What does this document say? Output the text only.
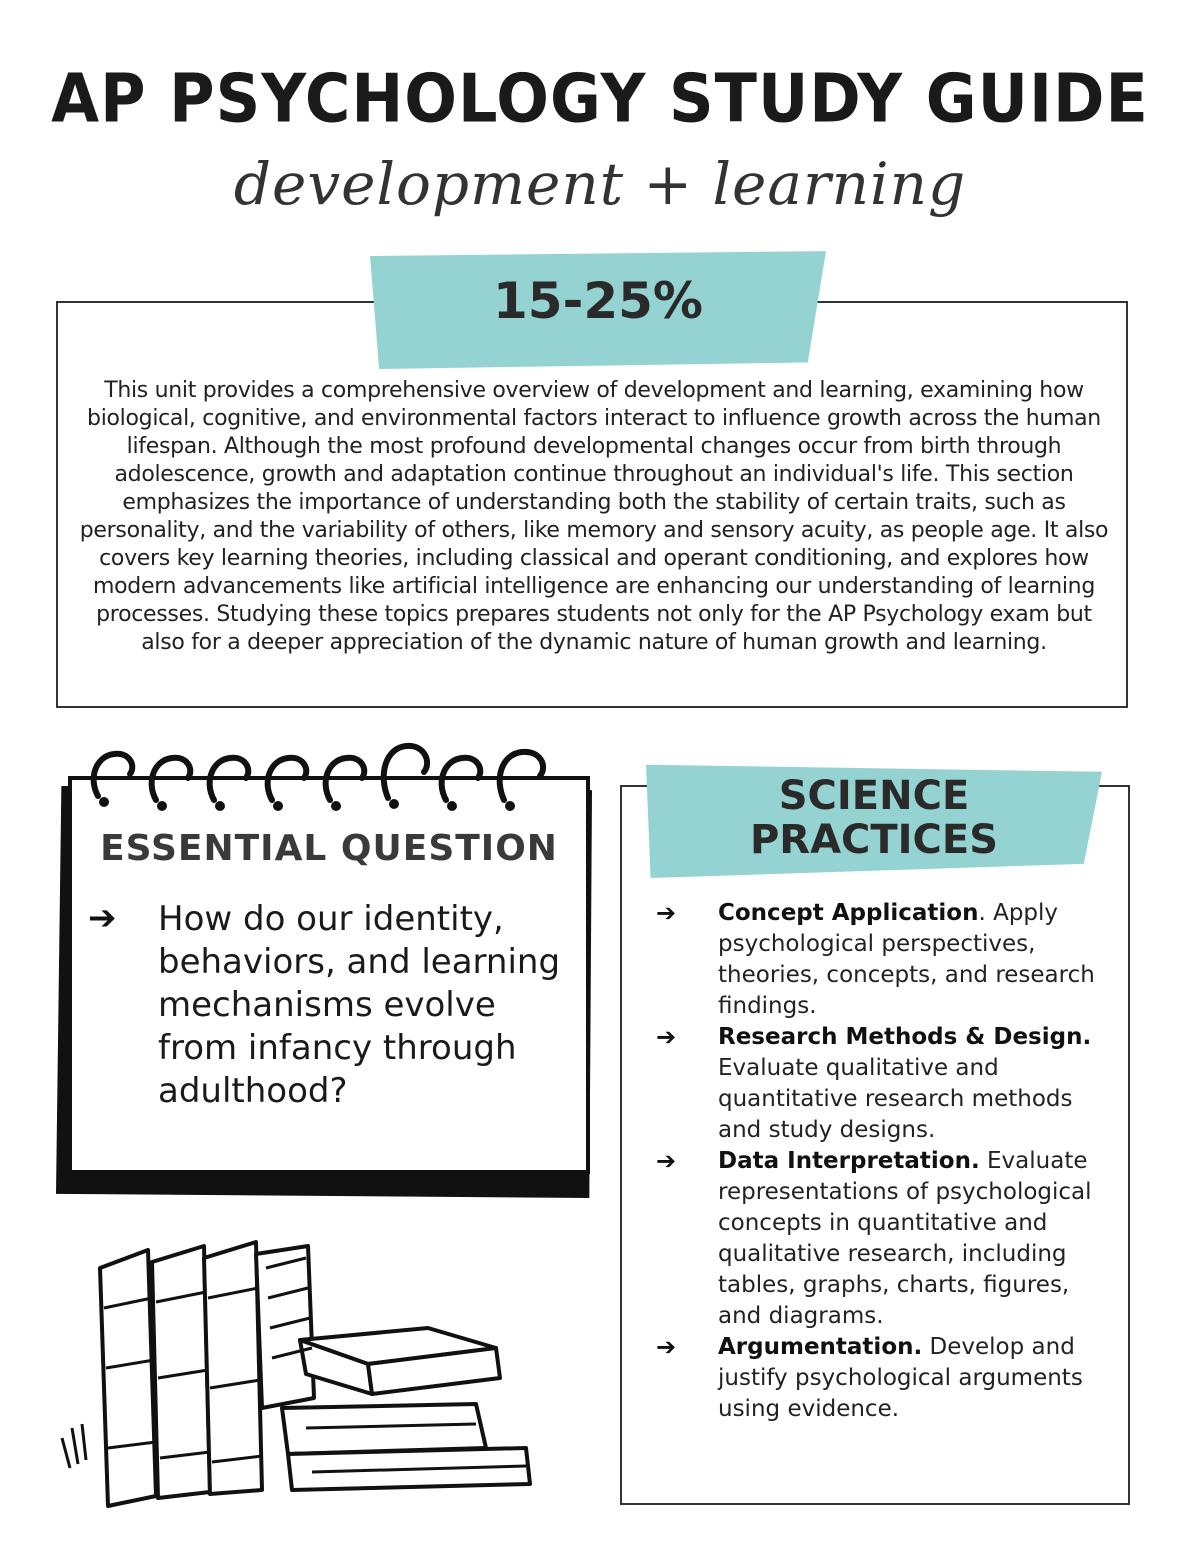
AP PSYCHOLOGY STUDY GUIDE
development + learning
15-25%
This unit provides a comprehensive overview of development and learning, examining how biological, cognitive, and environmental factors interact to influence growth across the human lifespan. Although the most profound developmental changes occur from birth through adolescence, growth and adaptation continue throughout an individual's life. This section emphasizes the importance of understanding both the stability of certain traits, such as personality, and the variability of others, like memory and sensory acuity, as people age. It also covers key learning theories, including classical and operant conditioning, and explores how modern advancements like artificial intelligence are enhancing our understanding of learning processes. Studying these topics prepares students not only for the AP Psychology exam but also for a deeper appreciation of the dynamic nature of human growth and learning.
ESSENTIAL QUESTION
➔ How do our identity, behaviors, and learning mechanisms evolve from infancy through adulthood?
SCIENCE
PRACTICES
➔ Concept Application. Apply psychological perspectives, theories, concepts, and research findings.
➔ Research Methods & Design. Evaluate qualitative and quantitative research methods and study designs.
➔ Data Interpretation. Evaluate representations of psychological concepts in quantitative and qualitative research, including tables, graphs, charts, figures, and diagrams.
➔ Argumentation. Develop and justify psychological arguments using evidence.
